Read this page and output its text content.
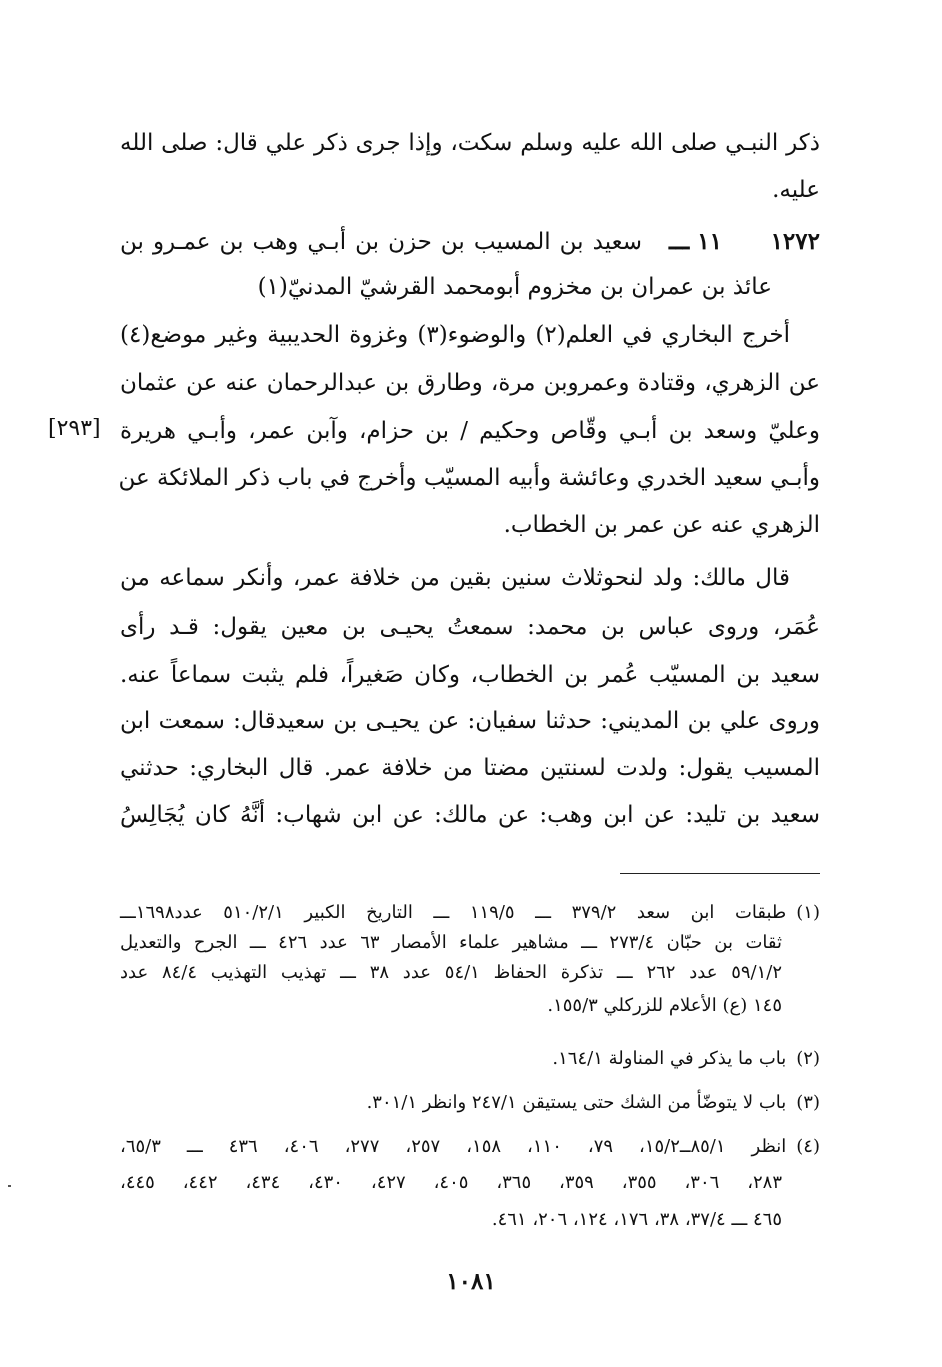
ذكر النبـي صلى الله عليه وسلم سكت، وإذا جرى ذكر علي قال: صلى الله
عليه.
١٢٧٢
١١ ـــ
سعيد بن المسيب بن حزن بن أبـي وهب بن عمـرو بن
عائذ بن عمران بن مخزوم أبومحمد القرشيّ المدنيّ(١)
أخرج البخاري في العلم(٢) والوضوء(٣) وغزوة الحديبية وغير موضع(٤)
عن الزهري، وقتادة وعمروبن مرة، وطارق بن عبدالرحمان عنه عن عثمان
وعليّ وسعد بن أبـي وقّاص وحكيم / بن حزام، وآبن عمر، وأبـي هريرة
وأبـي سعيد الخدري وعائشة وأبيه المسيّب وأخرج في باب ذكر الملائكة عن
الزهري عنه عن عمر بن الخطاب.
[٢٩٣]
قال مالك: ولد لنحوثلاث سنين بقين من خلافة عمر، وأنكر سماعه من
عُمَر، وروى عباس بن محمد: سمعتُ يحيـى بن معين يقول: قـد رأى
سعيد بن المسيّب عُمر بن الخطاب، وكان صَغيراً، فلم يثبت سماعاً عنه.
وروى علي بن المديني: حدثنا سفيان: عن يحيـى بن سعيدقال: سمعت ابن
المسيب يقول: ولدت لسنتين مضتا من خلافة عمر. قال البخاري: حدثني
سعيد بن تليد: عن ابن وهب: عن مالك: عن ابن شهاب: أنَّهُ كان يُجَالِسُ
(١)طبقات ابن سعد ٣٧٩/٢ ـــ ١١٩/٥ ـــ التاريخ الكبير ٥١٠/٢/١ عدد١٦٩٨ـــ
ثقات بن حبّان ٢٧٣/٤ ـــ مشاهير علماء الأمصار ٦٣ عدد ٤٢٦ ـــ الجرح والتعديل
٥٩/١/٢ عدد ٢٦٢ ـــ تذكرة الحفاظ ٥٤/١ عدد ٣٨ ـــ تهذيب التهذيب ٨٤/٤ عدد
١٤٥ (ع) الأعلام للزركلي ١٥٥/٣.
(٢)باب ما يذكر في المناولة ١٦٤/١.
(٣)باب لا يتوضّأ من الشك حتى يستيقن ٢٤٧/١ وانظر ٣٠١/١.
(٤)انظر ٨٥/١ــ١٥/٢، ٧٩، ١١٠، ١٥٨، ٢٥٧، ٢٧٧، ٤٠٦، ٤٣٦ ـــ ٦٥/٣،
٢٨٣، ٣٠٦، ٣٥٥، ٣٥٩، ٣٦٥، ٤٠٥، ٤٢٧، ٤٣٠، ٤٣٤، ٤٤٢، ٤٤٥،
٤٦٥ ـــ ٣٧/٤، ٣٨، ١٧٦، ١٢٤، ٢٠٦، ٤٦١.
١٠٨١
